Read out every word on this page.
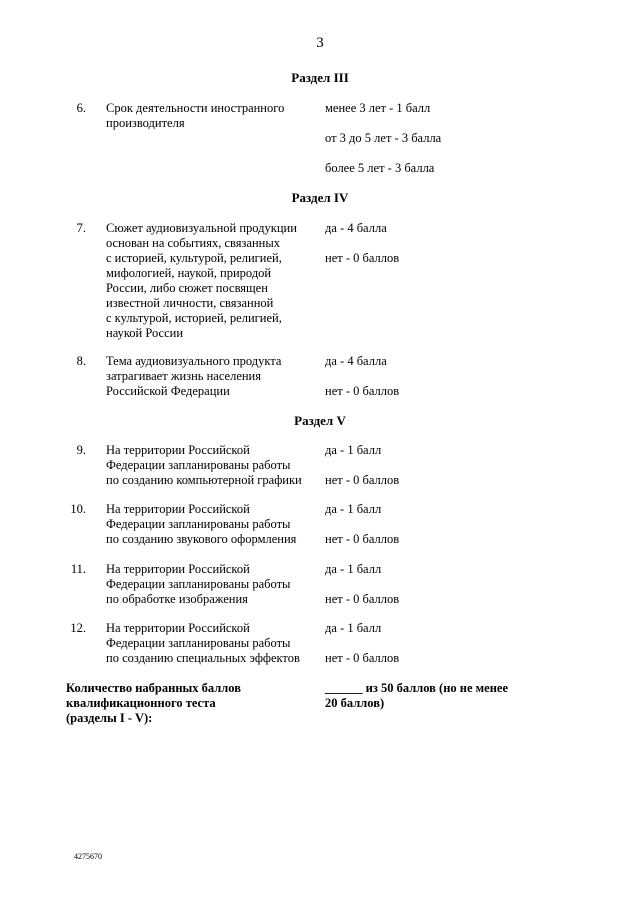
3
Раздел III
6. Срок деятельности иностранного
производителя
менее 3 лет - 1 балл
от 3 до 5 лет - 3 балла
более 5 лет - 3 балла
Раздел IV
7. Сюжет аудиовизуальной продукции
основан на событиях, связанных
с историей, культурой, религией,
мифологией, наукой, природой
России, либо сюжет посвящен
известной личности, связанной
с культурой, историей, религией,
наукой России
да - 4 балла
нет - 0 баллов
8. Тема аудиовизуального продукта
затрагивает жизнь населения
Российской Федерации
да - 4 балла
нет - 0 баллов
Раздел V
9. На территории Российской
Федерации запланированы работы
по созданию компьютерной графики
да - 1 балл
нет - 0 баллов
10. На территории Российской
Федерации запланированы работы
по созданию звукового оформления
да - 1 балл
нет - 0 баллов
11. На территории Российской
Федерации запланированы работы
по обработке изображения
да - 1 балл
нет - 0 баллов
12. На территории Российской
Федерации запланированы работы
по созданию специальных эффектов
да - 1 балл
нет - 0 баллов
Количество набранных баллов
квалификационного теста
(разделы I - V):
______ из 50 баллов (но не менее
20 баллов)
4275670
